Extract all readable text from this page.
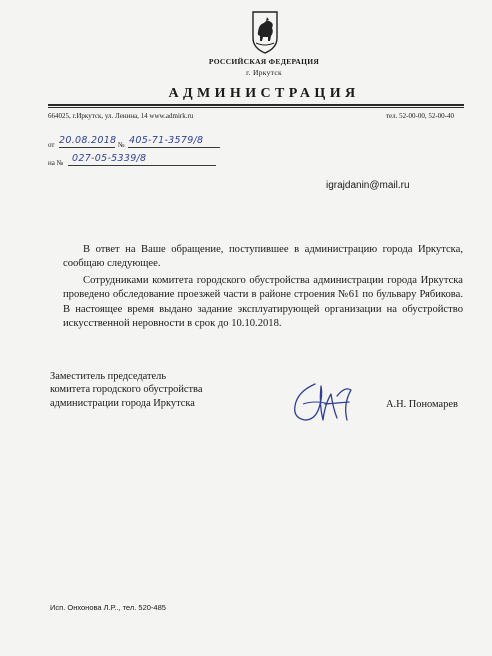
РОССИЙСКАЯ ФЕДЕРАЦИЯ
г. Иркутск
АДМИНИСТРАЦИЯ
664025, г.Иркутск, ул. Ленина, 14 www.admirk.ru	тел. 52-00-00, 52-00-40
от 20.08.2018 № 405-71-3579/8
на № 027-05-5339/8
igrajdanin@mail.ru

В ответ на Ваше обращение, поступившее в администрацию города Иркутска, сообщаю следующее.

Сотрудниками комитета городского обустройства администрации города Иркутска проведено обследование проезжей части в районе строения №61 по бульвару Рябикова. В настоящее время выдано задание эксплуатирующей организации на обустройство искусственной неровности в срок до 10.10.2018.

Заместитель председатель
комитета городского обустройства
администрации города Иркутска	А.Н. Пономарев
Исп. Онхонова Л.Р.., тел. 520-485
